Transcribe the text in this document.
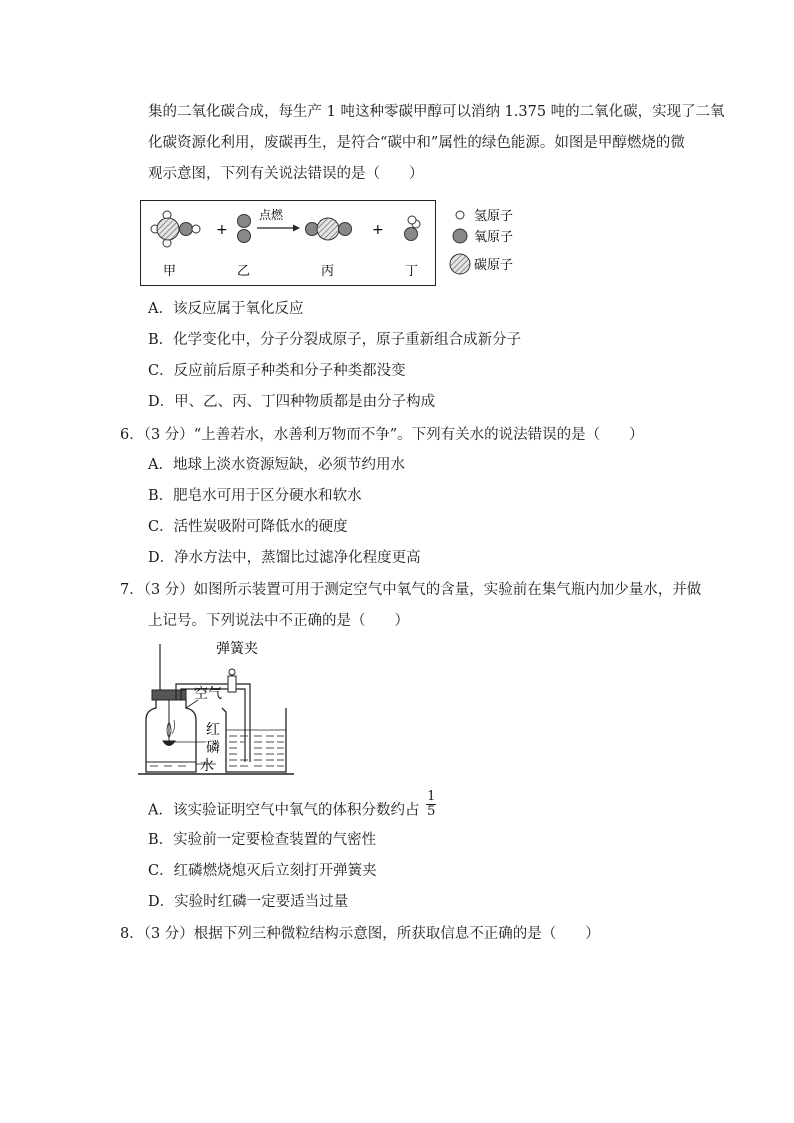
集的二氧化碳合成，每生产 1 吨这种零碳甲醇可以消纳 1.375 吨的二氧化碳，实现了二氧
化碳资源化利用，废碳再生，是符合“碳中和”属性的绿色能源。如图是甲醇燃烧的微
观示意图，下列有关说法错误的是（　　）
+
点燃
+
甲	乙	丙	丁
氢原子
氧原子
碳原子
A．该反应属于氧化反应
B．化学变化中，分子分裂成原子，原子重新组合成新分子
C．反应前后原子种类和分子种类都没变
D．甲、乙、丙、丁四种物质都是由分子构成
6．（3 分）“上善若水，水善利万物而不争”。下列有关水的说法错误的是（　　）
A．地球上淡水资源短缺，必须节约用水
B．肥皂水可用于区分硬水和软水
C．活性炭吸附可降低水的硬度
D．净水方法中，蒸馏比过滤净化程度更高
7．（3 分）如图所示装置可用于测定空气中氧气的含量，实验前在集气瓶内加少量水，并做
上记号。下列说法中不正确的是（　　）
弹簧夹
空气
红
磷
水
A．该实验证明空气中氧气的体积分数约占 $\frac{1}{5}$
B．实验前一定要检查装置的气密性
C．红磷燃烧熄灭后立刻打开弹簧夹
D．实验时红磷一定要适当过量
8．（3 分）根据下列三种微粒结构示意图，所获取信息不正确的是（　　）
